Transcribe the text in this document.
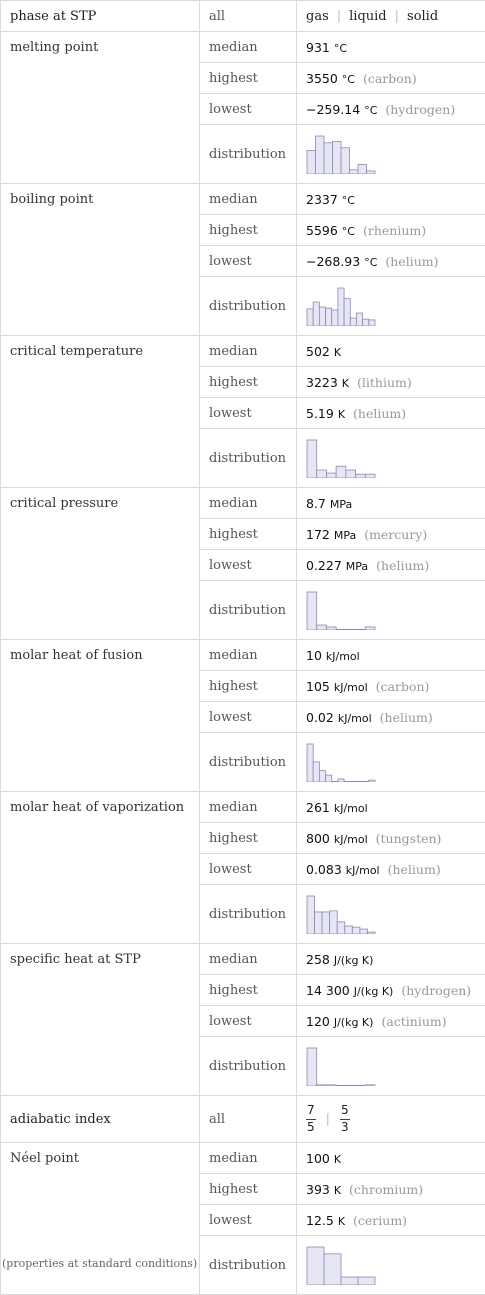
phase at STP	all	gas | liquid | solid
melting point	median	931 °C
	highest	3550 °C (carbon)
	lowest	−259.14 °C (hydrogen)
	distribution	

boiling point	median	2337 °C
	highest	5596 °C (rhenium)
	lowest	−268.93 °C (helium)
	distribution	

critical temperature	median	502 K
	highest	3223 K (lithium)
	lowest	5.19 K (helium)
	distribution	

critical pressure	median	8.7 MPa
	highest	172 MPa (mercury)
	lowest	0.227 MPa (helium)
	distribution	

molar heat of fusion	median	10 kJ/mol
	highest	105 kJ/mol (carbon)
	lowest	0.02 kJ/mol (helium)
	distribution	

molar heat of vaporization	median	261 kJ/mol
	highest	800 kJ/mol (tungsten)
	lowest	0.083 kJ/mol (helium)
	distribution	

specific heat at STP	median	258 J/(kg K)
	highest	14 300 J/(kg K) (hydrogen)
	lowest	120 J/(kg K) (actinium)
	distribution	

adiabatic index	all	$\frac{7}{5}$ | $\frac{5}{3}$

Néel point	median	100 K
	highest	393 K (chromium)
	lowest	12.5 K (cerium)
	distribution	
(properties at standard conditions)
